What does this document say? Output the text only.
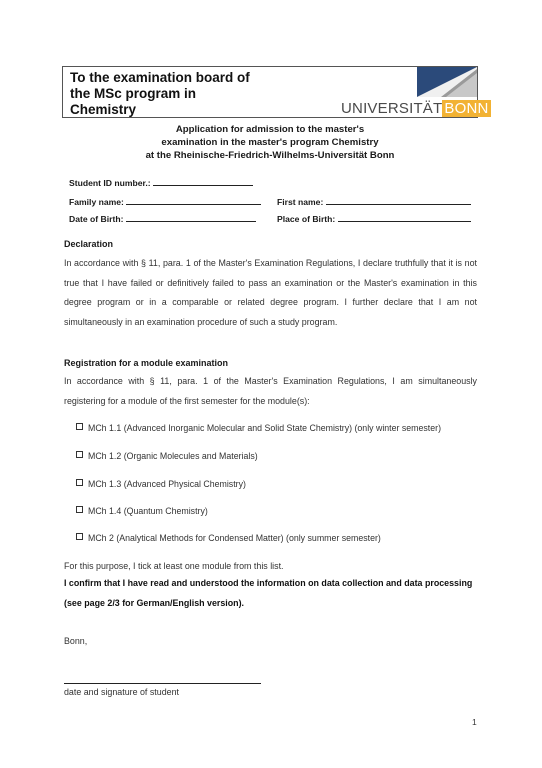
To the examination board of
the MSc program in
Chemistry	UNIVERSITÄT BONN
Application for admission to the master's
examination in the master's program Chemistry
at the Rheinische-Friedrich-Wilhelms-Universität Bonn
Student ID number.:
Family name:	First name:
Date of Birth:	Place of Birth:
Declaration
In accordance with § 11, para. 1 of the Master's Examination Regulations, I declare truthfully that it is not true that I have failed or definitively failed to pass an examination or the Master's examination in this degree program or in a comparable or related degree program. I further declare that I am not simultaneously in an examination procedure of such a study program.
Registration for a module examination
In accordance with § 11, para. 1 of the Master's Examination Regulations, I am simultaneously registering for a module of the first semester for the module(s):
MCh 1.1 (Advanced Inorganic Molecular and Solid State Chemistry) (only winter semester)
MCh 1.2 (Organic Molecules and Materials)
MCh 1.3 (Advanced Physical Chemistry)
MCh 1.4 (Quantum Chemistry)
MCh 2 (Analytical Methods for Condensed Matter) (only summer semester)
For this purpose, I tick at least one module from this list.
I confirm that I have read and understood the information on data collection and data processing (see page 2/3 for German/English version).
Bonn,
date and signature of student
1
